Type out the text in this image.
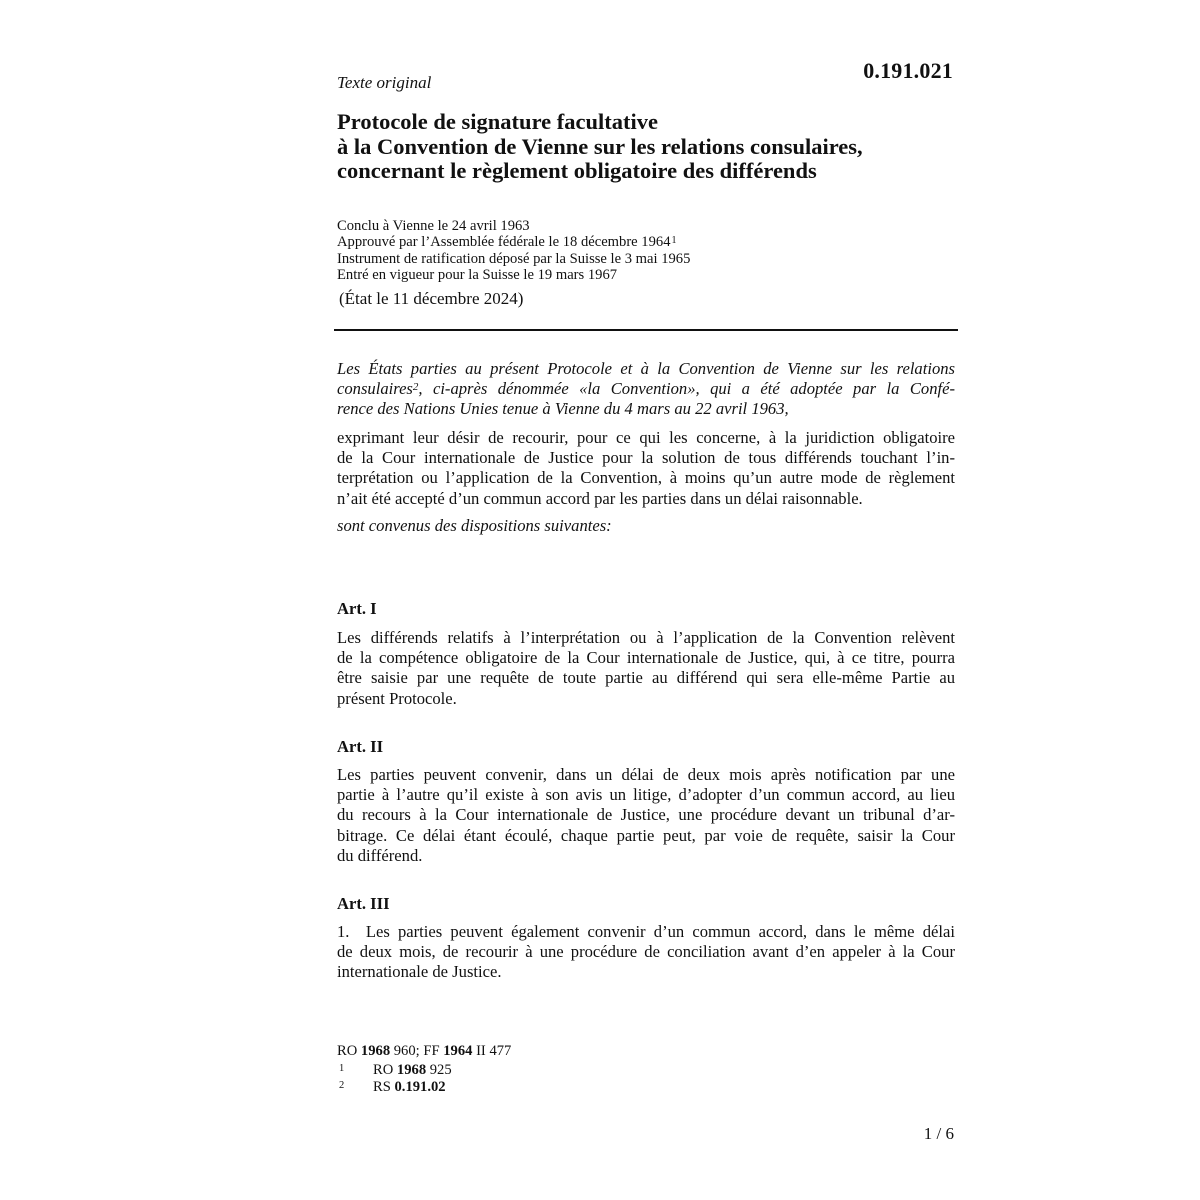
0.191.021

Texte original

Protocole de signature facultative
à la Convention de Vienne sur les relations consulaires,
concernant le règlement obligatoire des différends
Conclu à Vienne le 24 avril 1963
Approuvé par l’Assemblée fédérale le 18 décembre 1964$^1$
Instrument de ratification déposé par la Suisse le 3 mai 1965
Entré en vigueur pour la Suisse le 19 mars 1967

(État le 11 décembre 2024)

Les États parties au présent Protocole et à la Convention de Vienne sur les relations
consulaires$^2$, ci-après dénommée «la Convention», qui a été adoptée par la Confé-
rence des Nations Unies tenue à Vienne du 4 mars au 22 avril 1963,
exprimant leur désir de recourir, pour ce qui les concerne, à la juridiction obligatoire
de la Cour internationale de Justice pour la solution de tous différends touchant l’in-
terprétation ou l’application de la Convention, à moins qu’un autre mode de règlement
n’ait été accepté d’un commun accord par les parties dans un délai raisonnable.

sont convenus des dispositions suivantes:

Art. I

Les différends relatifs à l’interprétation ou à l’application de la Convention relèvent
de la compétence obligatoire de la Cour internationale de Justice, qui, à ce titre, pourra
être saisie par une requête de toute partie au différend qui sera elle-même Partie au
présent Protocole.

Art. II

Les parties peuvent convenir, dans un délai de deux mois après notification par une
partie à l’autre qu’il existe à son avis un litige, d’adopter d’un commun accord, au lieu
du recours à la Cour internationale de Justice, une procédure devant un tribunal d’ar-
bitrage. Ce délai étant écoulé, chaque partie peut, par voie de requête, saisir la Cour
du différend.

Art. III

1.  Les parties peuvent également convenir d’un commun accord, dans le même délai
de deux mois, de recourir à une procédure de conciliation avant d’en appeler à la Cour
internationale de Justice.
RO 1968 960; FF 1964 II 477
1	RO 1968 925
2	RS 0.191.02

1 / 6
